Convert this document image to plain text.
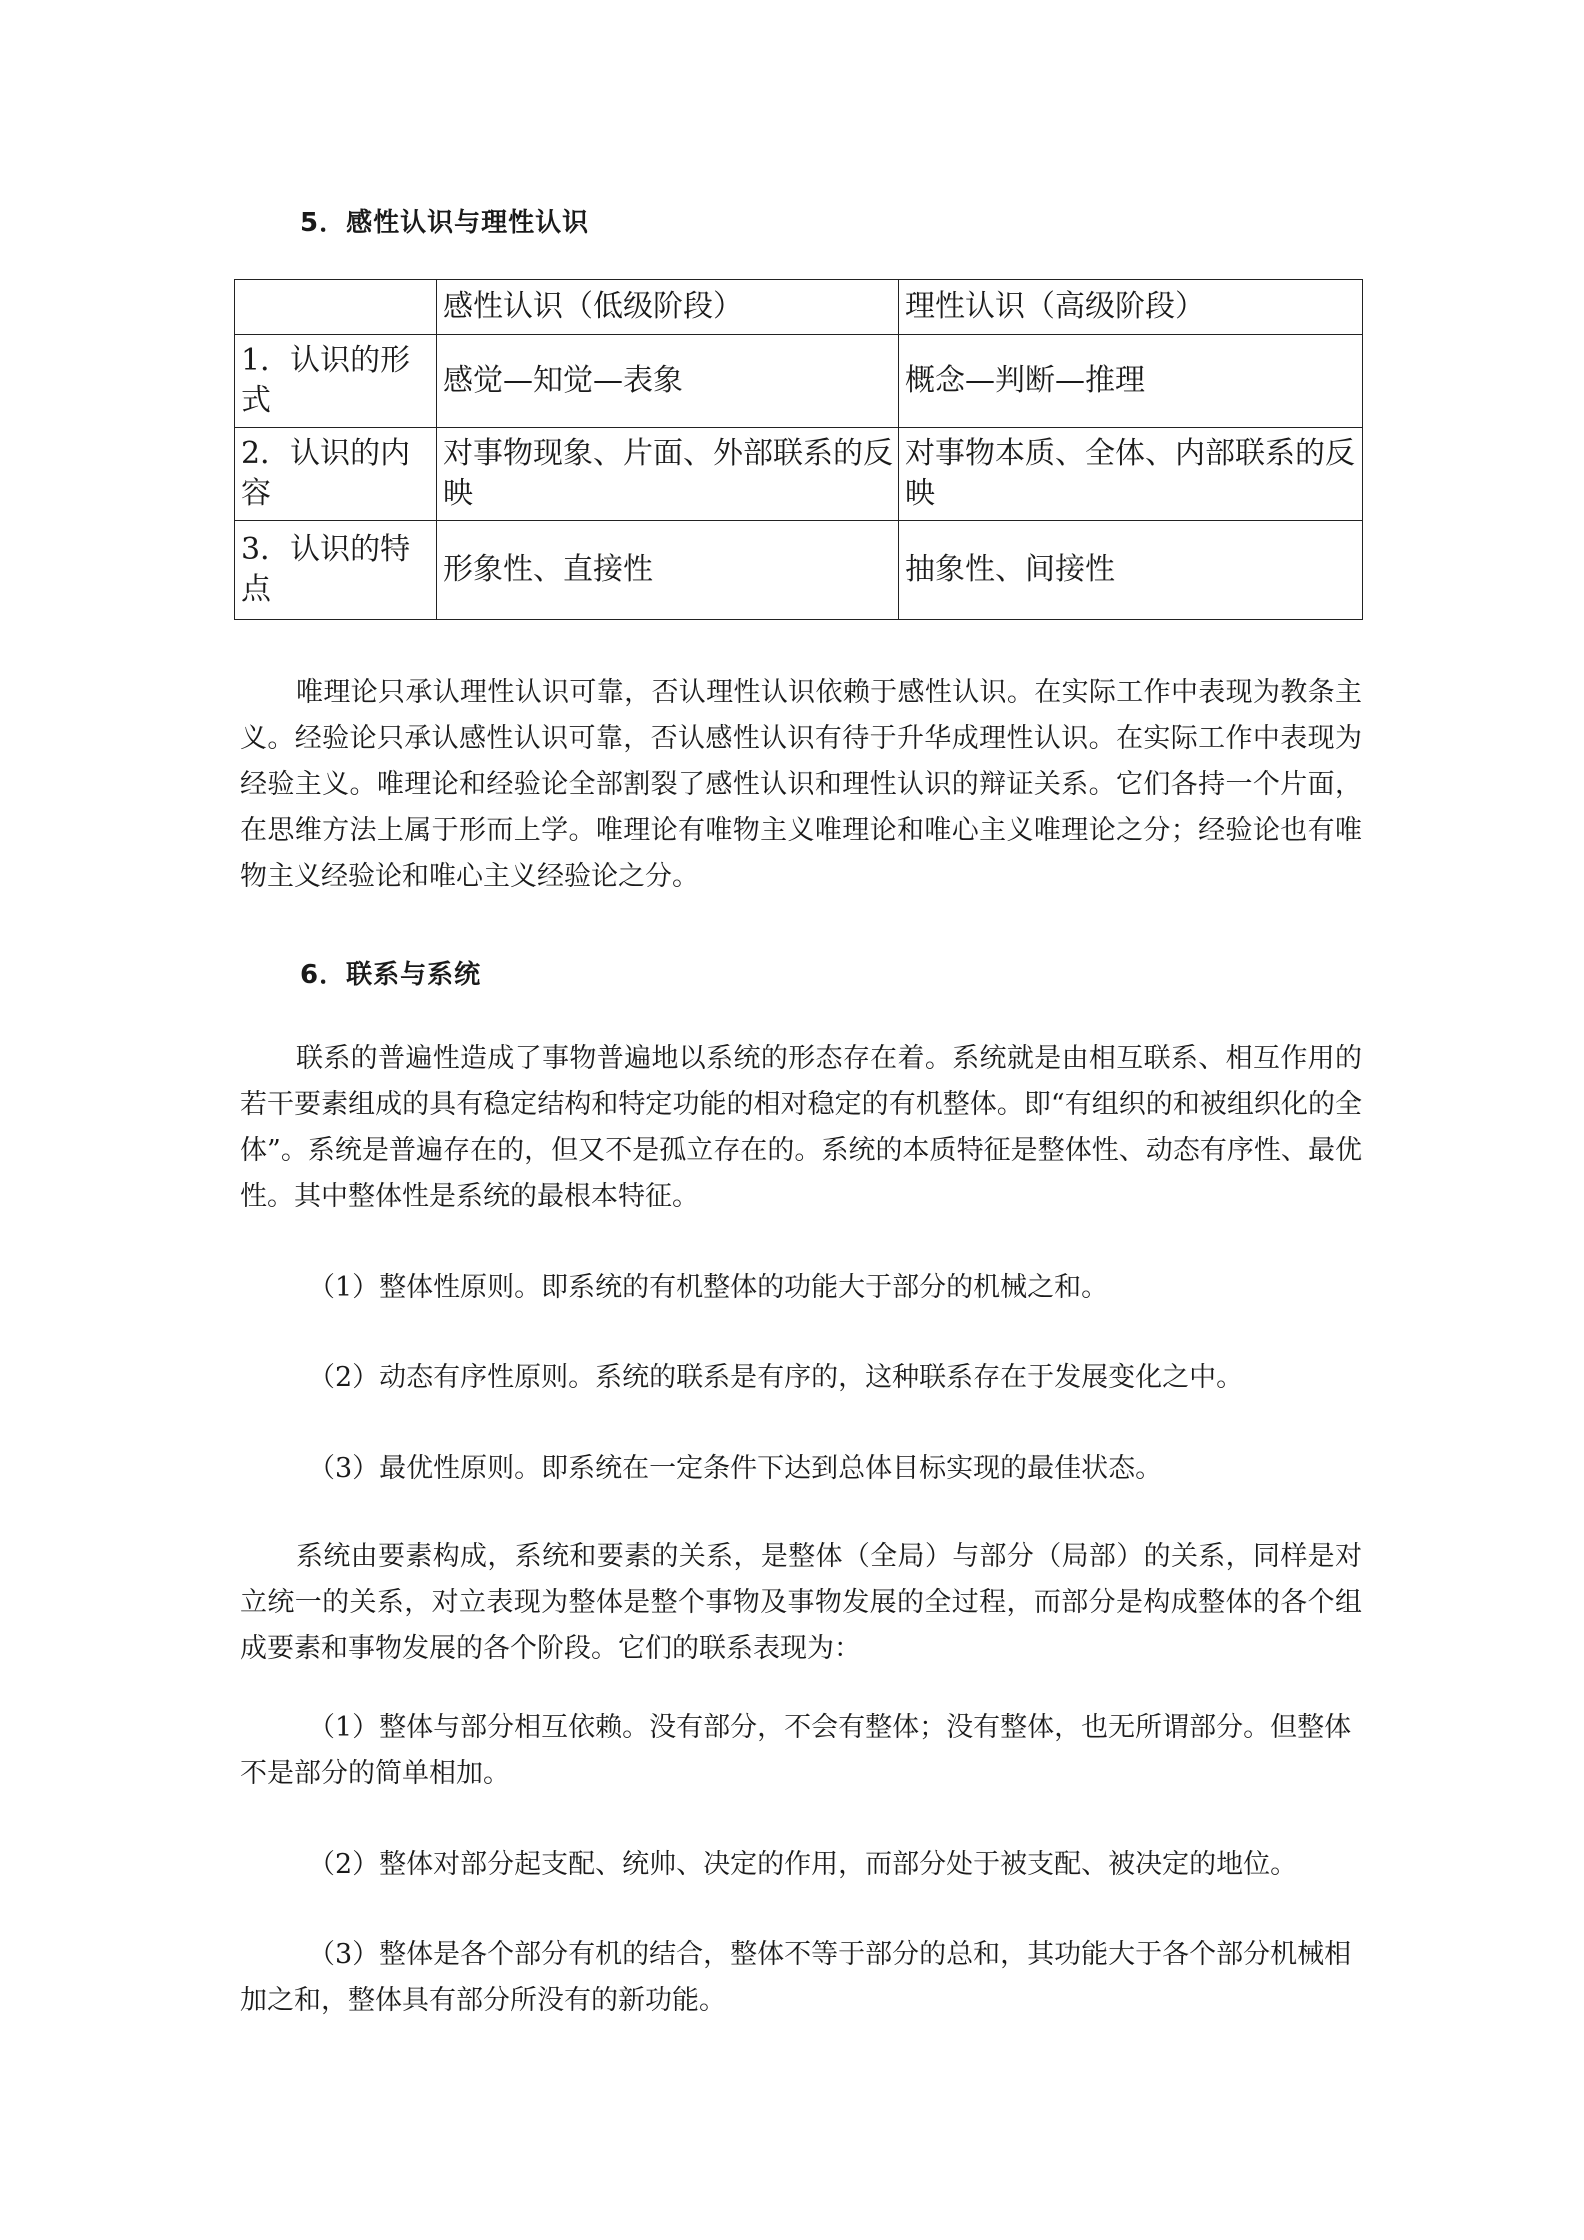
5．感性认识与理性认识
	感性认识（低级阶段）	理性认识（高级阶段）
1．认识的形式	感觉—知觉—表象	概念—判断—推理
2．认识的内容	对事物现象、片面、外部联系的反映	对事物本质、全体、内部联系的反映
3．认识的特点	形象性、直接性	抽象性、间接性

唯理论只承认理性认识可靠，否认理性认识依赖于感性认识。在实际工作中表现为教条主义。经验论只承认感性认识可靠，否认感性认识有待于升华成理性认识。在实际工作中表现为经验主义。唯理论和经验论全部割裂了感性认识和理性认识的辩证关系。它们各持一个片面，在思维方法上属于形而上学。唯理论有唯物主义唯理论和唯心主义唯理论之分；经验论也有唯物主义经验论和唯心主义经验论之分。

6．联系与系统

联系的普遍性造成了事物普遍地以系统的形态存在着。系统就是由相互联系、相互作用的若干要素组成的具有稳定结构和特定功能的相对稳定的有机整体。即“有组织的和被组织化的全体”。系统是普遍存在的，但又不是孤立存在的。系统的本质特征是整体性、动态有序性、最优性。其中整体性是系统的最根本特征。

（1）整体性原则。即系统的有机整体的功能大于部分的机械之和。

（2）动态有序性原则。系统的联系是有序的，这种联系存在于发展变化之中。

（3）最优性原则。即系统在一定条件下达到总体目标实现的最佳状态。

系统由要素构成，系统和要素的关系，是整体（全局）与部分（局部）的关系，同样是对立统一的关系，对立表现为整体是整个事物及事物发展的全过程，而部分是构成整体的各个组成要素和事物发展的各个阶段。它们的联系表现为：

（1）整体与部分相互依赖。没有部分，不会有整体；没有整体，也无所谓部分。但整体不是部分的简单相加。

（2）整体对部分起支配、统帅、决定的作用，而部分处于被支配、被决定的地位。

（3）整体是各个部分有机的结合，整体不等于部分的总和，其功能大于各个部分机械相加之和，整体具有部分所没有的新功能。
